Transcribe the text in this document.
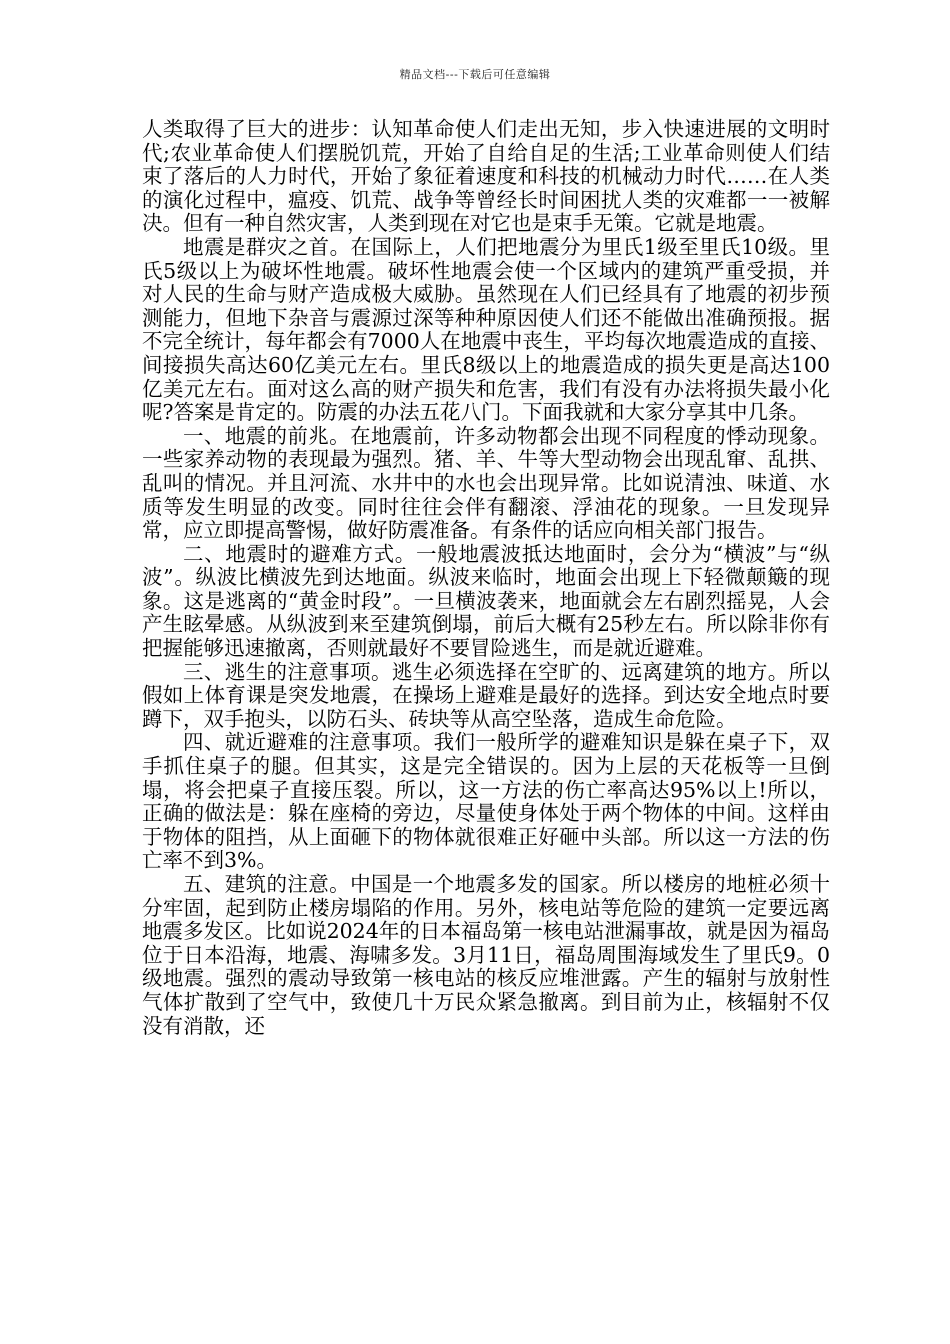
精品文档---下载后可任意编辑

人类取得了巨大的进步：认知革命使人们走出无知，步入快速进展的文明时代;农业革命使人们摆脱饥荒，开始了自给自足的生活;工业革命则使人们结束了落后的人力时代，开始了象征着速度和科技的机械动力时代……在人类的演化过程中，瘟疫、饥荒、战争等曾经长时间困扰人类的灾难都一一被解决。但有一种自然灾害，人类到现在对它也是束手无策。它就是地震。

地震是群灾之首。在国际上，人们把地震分为里氏1级至里氏10级。里氏5级以上为破坏性地震。破坏性地震会使一个区域内的建筑严重受损，并对人民的生命与财产造成极大威胁。虽然现在人们已经具有了地震的初步预测能力，但地下杂音与震源过深等种种原因使人们还不能做出准确预报。据不完全统计，每年都会有7000人在地震中丧生，平均每次地震造成的直接、间接损失高达60亿美元左右。里氏8级以上的地震造成的损失更是高达100亿美元左右。面对这么高的财产损失和危害，我们有没有办法将损失最小化呢?答案是肯定的。防震的办法五花八门。下面我就和大家分享其中几条。

一、地震的前兆。在地震前，许多动物都会出现不同程度的悸动现象。一些家养动物的表现最为强烈。猪、羊、牛等大型动物会出现乱窜、乱拱、乱叫的情况。并且河流、水井中的水也会出现异常。比如说清浊、味道、水质等发生明显的改变。同时往往会伴有翻滚、浮油花的现象。一旦发现异常，应立即提高警惕，做好防震准备。有条件的话应向相关部门报告。

二、地震时的避难方式。一般地震波抵达地面时，会分为“横波”与“纵波”。纵波比横波先到达地面。纵波来临时，地面会出现上下轻微颠簸的现象。这是逃离的“黄金时段”。一旦横波袭来，地面就会左右剧烈摇晃，人会产生眩晕感。从纵波到来至建筑倒塌，前后大概有25秒左右。所以除非你有把握能够迅速撤离，否则就最好不要冒险逃生，而是就近避难。

三、逃生的注意事项。逃生必须选择在空旷的、远离建筑的地方。所以假如上体育课是突发地震，在操场上避难是最好的选择。到达安全地点时要蹲下，双手抱头，以防石头、砖块等从高空坠落，造成生命危险。

四、就近避难的注意事项。我们一般所学的避难知识是躲在桌子下，双手抓住桌子的腿。但其实，这是完全错误的。因为上层的天花板等一旦倒塌，将会把桌子直接压裂。所以，这一方法的伤亡率高达95%以上!所以，正确的做法是：躲在座椅的旁边，尽量使身体处于两个物体的中间。这样由于物体的阻挡，从上面砸下的物体就很难正好砸中头部。所以这一方法的伤亡率不到3%。

五、建筑的注意。中国是一个地震多发的国家。所以楼房的地桩必须十分牢固，起到防止楼房塌陷的作用。另外，核电站等危险的建筑一定要远离地震多发区。比如说2024年的日本福岛第一核电站泄漏事故，就是因为福岛位于日本沿海，地震、海啸多发。3月11日，福岛周围海域发生了里氏9。0级地震。强烈的震动导致第一核电站的核反应堆泄露。产生的辐射与放射性气体扩散到了空气中，致使几十万民众紧急撤离。到目前为止，核辐射不仅没有消散，还
